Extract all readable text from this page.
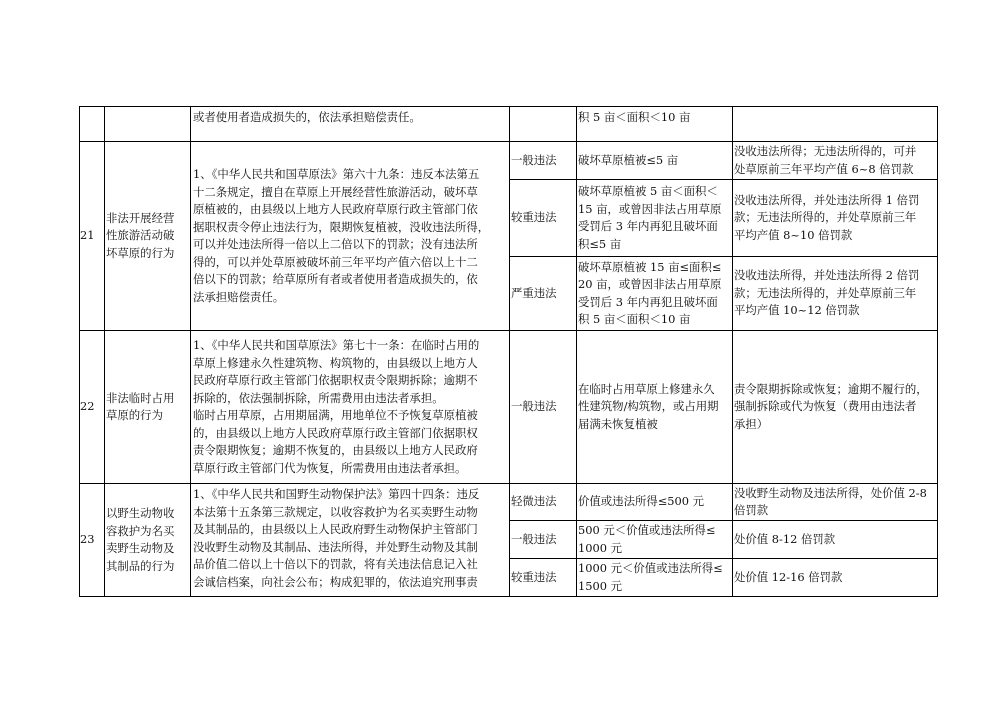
或者使用者造成损失的，依法承担赔偿责任。	积 5 亩＜面积＜10 亩

21

非法开展经营

性旅游活动破

坏草原的行为

1、《中华人民共和国草原法》第六十九条：违反本法第五

十二条规定，擅自在草原上开展经营性旅游活动，破坏草

原植被的，由县级以上地方人民政府草原行政主管部门依

据职权责令停止违法行为，限期恢复植被，没收违法所得，

可以并处违法所得一倍以上二倍以下的罚款；没有违法所

得的，可以并处草原被破坏前三年平均产值六倍以上十二

倍以下的罚款；给草原所有者或者使用者造成损失的，依

法承担赔偿责任。

一般违法 破坏草原植被≤5 亩

没收违法所得；无违法所得的，可并

处草原前三年平均产值 6~8 倍罚款

较重违法

破坏草原植被 5 亩＜面积＜

15 亩，或曾因非法占用草原

受罚后 3 年内再犯且破坏面

积≤5 亩

没收违法所得，并处违法所得 1 倍罚

款；无违法所得的，并处草原前三年

平均产值 8~10 倍罚款

严重违法

破坏草原植被 15 亩≤面积≤

20 亩，或曾因非法占用草原

受罚后 3 年内再犯且破坏面

积 5 亩＜面积＜10 亩

没收违法所得，并处违法所得 2 倍罚

款；无违法所得的，并处草原前三年

平均产值 10~12 倍罚款

22

非法临时占用

草原的行为

1、《中华人民共和国草原法》第七十一条：在临时占用的

草原上修建永久性建筑物、构筑物的，由县级以上地方人

民政府草原行政主管部门依据职权责令限期拆除；逾期不

拆除的，依法强制拆除，所需费用由违法者承担。

临时占用草原，占用期届满，用地单位不予恢复草原植被

的，由县级以上地方人民政府草原行政主管部门依据职权

责令限期恢复；逾期不恢复的，由县级以上地方人民政府

草原行政主管部门代为恢复，所需费用由违法者承担。

一般违法

在临时占用草原上修建永久

性建筑物/构筑物，或占用期

届满未恢复植被

责令限期拆除或恢复；逾期不履行的，

强制拆除或代为恢复（费用由违法者

承担）

23

以野生动物收

容救护为名买

卖野生动物及

其制品的行为

1、《中华人民共和国野生动物保护法》第四十四条：违反

本法第十五条第三款规定，以收容救护为名买卖野生动物

及其制品的，由县级以上人民政府野生动物保护主管部门

没收野生动物及其制品、违法所得，并处野生动物及其制

品价值二倍以上十倍以下的罚款，将有关违法信息记入社

会诚信档案，向社会公布；构成犯罪的，依法追究刑事责

轻微违法 价值或违法所得≤500 元

没收野生动物及违法所得，处价值 2-8

倍罚款

一般违法

500 元＜价值或违法所得≤

1000 元

处价值 8-12 倍罚款

较重违法

1000 元＜价值或违法所得≤

1500 元

处价值 12-16 倍罚款
